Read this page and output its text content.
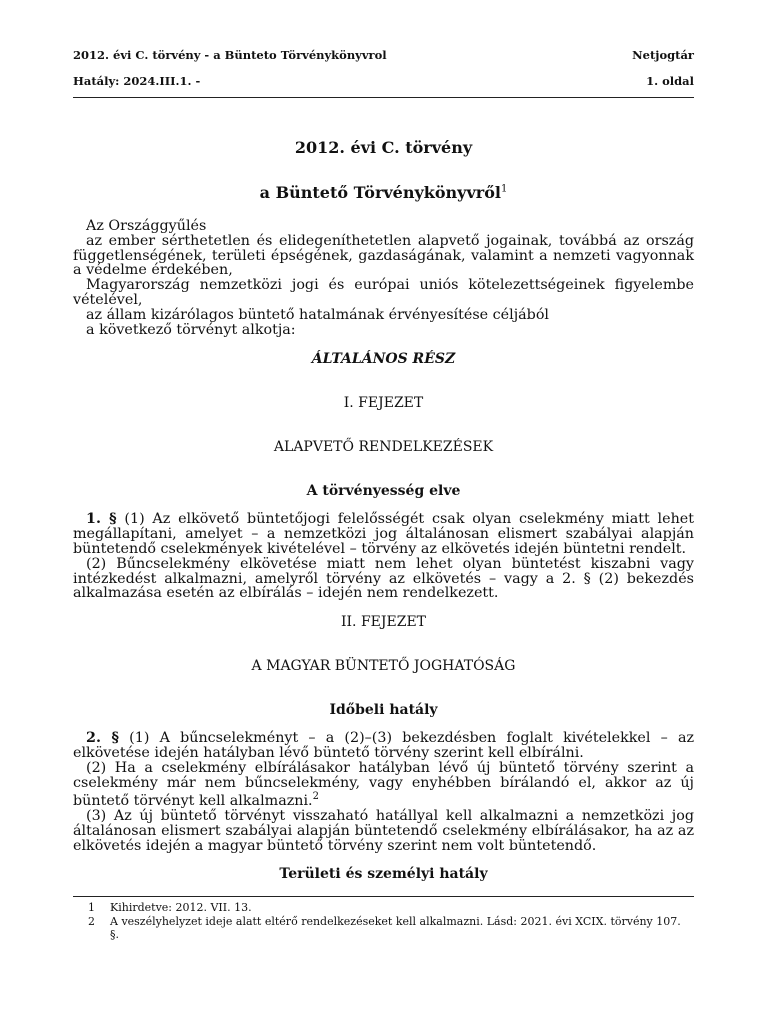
2012. évi C. törvény - a Bünteto Törvénykönyvrol	Netjogtár
Hatály: 2024.III.1. -	1. oldal
2012. évi C. törvény
a Büntető Törvénykönyvről$^1$

Az Országgyűlés

az ember sérthetetlen és elidegeníthetetlen alapvető jogainak, továbbá az ország függetlenségének, területi épségének, gazdaságának, valamint a nemzeti vagyonnak a védelme érdekében,

Magyarország nemzetközi jogi és európai uniós kötelezettségeinek figyelembe vételével,

az állam kizárólagos büntető hatalmának érvényesítése céljából

a következő törvényt alkotja:

ÁLTALÁNOS RÉSZ
I. FEJEZET
ALAPVETŐ RENDELKEZÉSEK
A törvényesség elve

1. § (1) Az elkövető büntetőjogi felelősségét csak olyan cselekmény miatt lehet megállapítani, amelyet – a nemzetközi jog általánosan elismert szabályai alapján büntetendő cselekmények kivételével – törvény az elkövetés idején büntetni rendelt.

(2) Bűncselekmény elkövetése miatt nem lehet olyan büntetést kiszabni vagy intézkedést alkalmazni, amelyről törvény az elkövetés – vagy a 2. § (2) bekezdés alkalmazása esetén az elbírálás – idején nem rendelkezett.

II. FEJEZET
A MAGYAR BÜNTETŐ JOGHATÓSÁG
Időbeli hatály

2. § (1) A bűncselekményt – a (2)–(3) bekezdésben foglalt kivételekkel – az elkövetése idején hatályban lévő büntető törvény szerint kell elbírálni.

(2) Ha a cselekmény elbírálásakor hatályban lévő új büntető törvény szerint a cselekmény már nem bűncselekmény, vagy enyhébben bírálandó el, akkor az új büntető törvényt kell alkalmazni.$^2$

(3) Az új büntető törvényt visszaható hatállyal kell alkalmazni a nemzetközi jog általánosan elismert szabályai alapján büntetendő cselekmény elbírálásakor, ha az az elkövetés idején a magyar büntető törvény szerint nem volt büntetendő.

Területi és személyi hatály
1	Kihirdetve: 2012. VII. 13.
2	A veszélyhelyzet ideje alatt eltérő rendelkezéseket kell alkalmazni. Lásd: 2021. évi XCIX. törvény 107. §.
